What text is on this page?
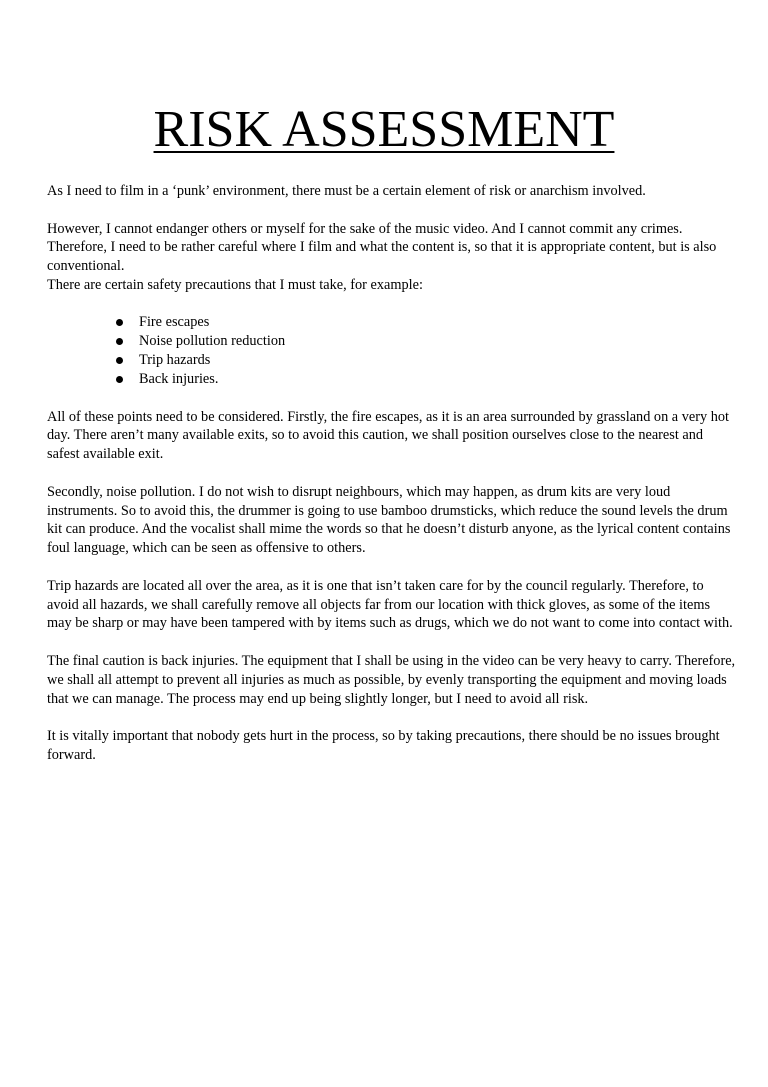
RISK ASSESSMENT

As I need to film in a ‘punk’ environment, there must be a certain element of risk or anarchism involved.

However, I cannot endanger others or myself for the sake of the music video. And I cannot commit any crimes. Therefore, I need to be rather careful where I film and what the content is, so that it is appropriate content, but is also conventional.

There are certain safety precautions that I must take, for example:

Fire escapes
Noise pollution reduction
Trip hazards
Back injuries.

All of these points need to be considered. Firstly, the fire escapes, as it is an area surrounded by grassland on a very hot day. There aren’t many available exits, so to avoid this caution, we shall position ourselves close to the nearest and safest available exit.

Secondly, noise pollution. I do not wish to disrupt neighbours, which may happen, as drum kits are very loud instruments. So to avoid this, the drummer is going to use bamboo drumsticks, which reduce the sound levels the drum kit can produce. And the vocalist shall mime the words so that he doesn’t disturb anyone, as the lyrical content contains foul language, which can be seen as offensive to others.

Trip hazards are located all over the area, as it is one that isn’t taken care for by the council regularly. Therefore, to avoid all hazards, we shall carefully remove all objects far from our location with thick gloves, as some of the items may be sharp or may have been tampered with by items such as drugs, which we do not want to come into contact with.

The final caution is back injuries. The equipment that I shall be using in the video can be very heavy to carry. Therefore, we shall all attempt to prevent all injuries as much as possible, by evenly transporting the equipment and moving loads that we can manage. The process may end up being slightly longer, but I need to avoid all risk.

It is vitally important that nobody gets hurt in the process, so by taking precautions, there should be no issues brought forward.
